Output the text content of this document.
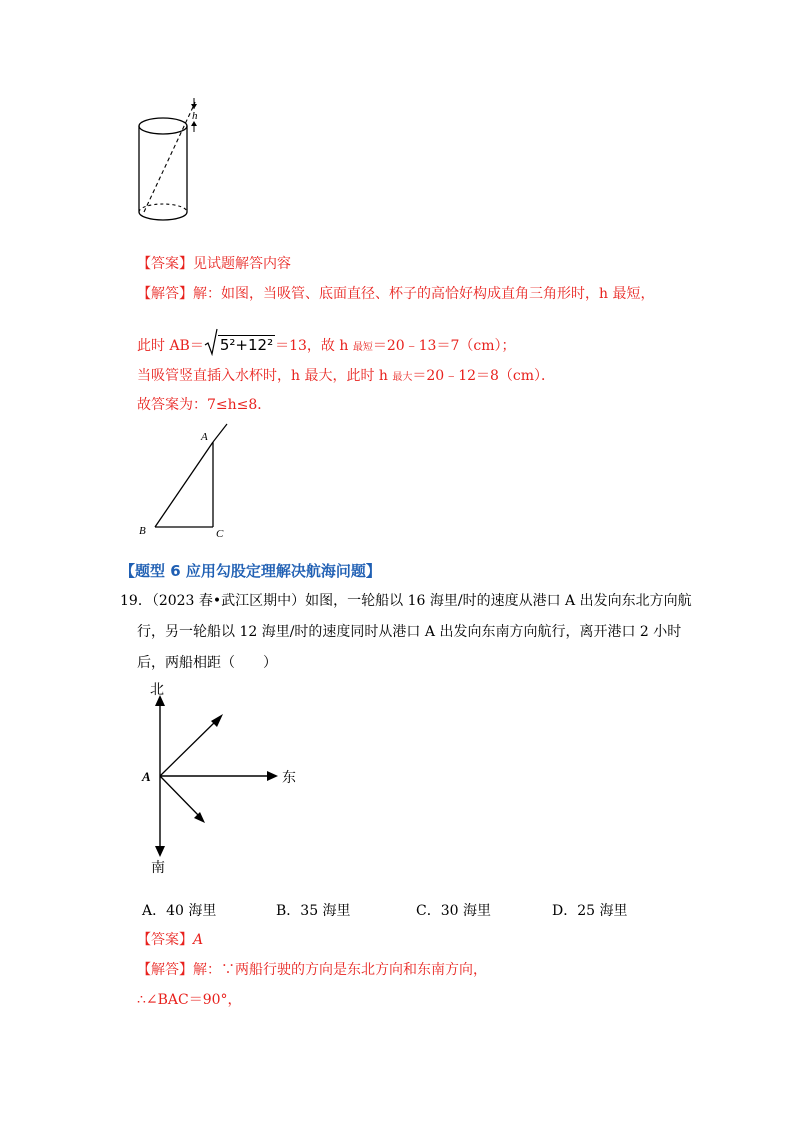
h
【答案】见试题解答内容
【解答】解：如图，当吸管、底面直径、杯子的高恰好构成直角三角形时，h 最短，
此时 AB＝ 5²+12² ＝13，故 h 最短＝20﹣13＝7（cm）；
当吸管竖直插入水杯时，h 最大，此时 h 最大＝20﹣12＝8（cm）．
故答案为：7≤h≤8．
A
B	C
【题型 6 应用勾股定理解决航海问题】
19．（2023 春•武江区期中）如图，一轮船以 16 海里/时的速度从港口 A 出发向东北方向航
行，另一轮船以 12 海里/时的速度同时从港口 A 出发向东南方向航行，离开港口 2 小时
后，两船相距（　　）
北
南
东
A
A．40 海里	B．35 海里	C．30 海里	D．25 海里
【答案】A
【解答】解：∵两船行驶的方向是东北方向和东南方向，
∴∠BAC＝90°，
